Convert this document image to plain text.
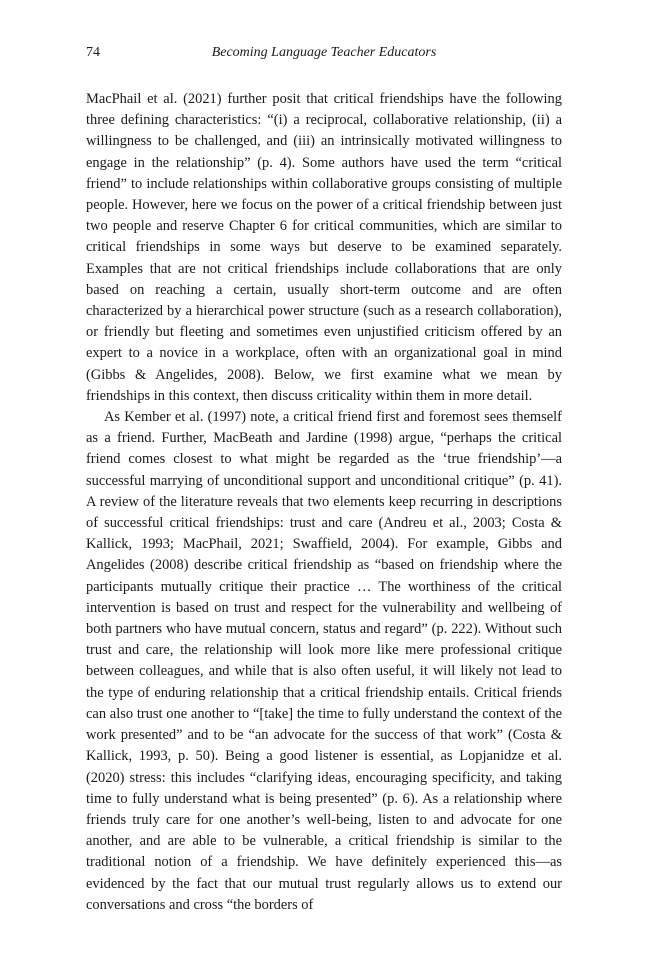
74	Becoming Language Teacher Educators

MacPhail et al. (2021) further posit that critical friendships have the following three defining characteristics: “(i) a reciprocal, collaborative relationship, (ii) a willingness to be challenged, and (iii) an intrinsically motivated willingness to engage in the relationship” (p. 4). Some authors have used the term “critical friend” to include relationships within collaborative groups consisting of multiple people. However, here we focus on the power of a critical friendship between just two people and reserve Chapter 6 for critical communities, which are similar to critical friendships in some ways but deserve to be examined separately. Examples that are not critical friendships include collaborations that are only based on reaching a certain, usually short-term outcome and are often characterized by a hierarchical power structure (such as a research collaboration), or friendly but fleeting and sometimes even unjustified criticism offered by an expert to a novice in a workplace, often with an organizational goal in mind (Gibbs & Angelides, 2008). Below, we first examine what we mean by friendships in this context, then discuss criticality within them in more detail.

As Kember et al. (1997) note, a critical friend first and foremost sees themself as a friend. Further, MacBeath and Jardine (1998) argue, “perhaps the critical friend comes closest to what might be regarded as the ‘true friendship’—a successful marrying of unconditional support and unconditional critique” (p. 41). A review of the literature reveals that two elements keep recurring in descriptions of successful critical friendships: trust and care (Andreu et al., 2003; Costa & Kallick, 1993; MacPhail, 2021; Swaffield, 2004). For example, Gibbs and Angelides (2008) describe critical friendship as “based on friendship where the participants mutually critique their practice … The worthiness of the critical intervention is based on trust and respect for the vulnerability and wellbeing of both partners who have mutual concern, status and regard” (p. 222). Without such trust and care, the relationship will look more like mere professional critique between colleagues, and while that is also often useful, it will likely not lead to the type of enduring relationship that a critical friendship entails. Critical friends can also trust one another to “[take] the time to fully understand the context of the work presented” and to be “an advocate for the success of that work” (Costa & Kallick, 1993, p. 50). Being a good listener is essential, as Lopjanidze et al. (2020) stress: this includes “clarifying ideas, encouraging specificity, and taking time to fully understand what is being presented” (p. 6). As a relationship where friends truly care for one another’s well-being, listen to and advocate for one another, and are able to be vulnerable, a critical friendship is similar to the traditional notion of a friendship. We have definitely experienced this—as evidenced by the fact that our mutual trust regularly allows us to extend our conversations and cross “the borders of
